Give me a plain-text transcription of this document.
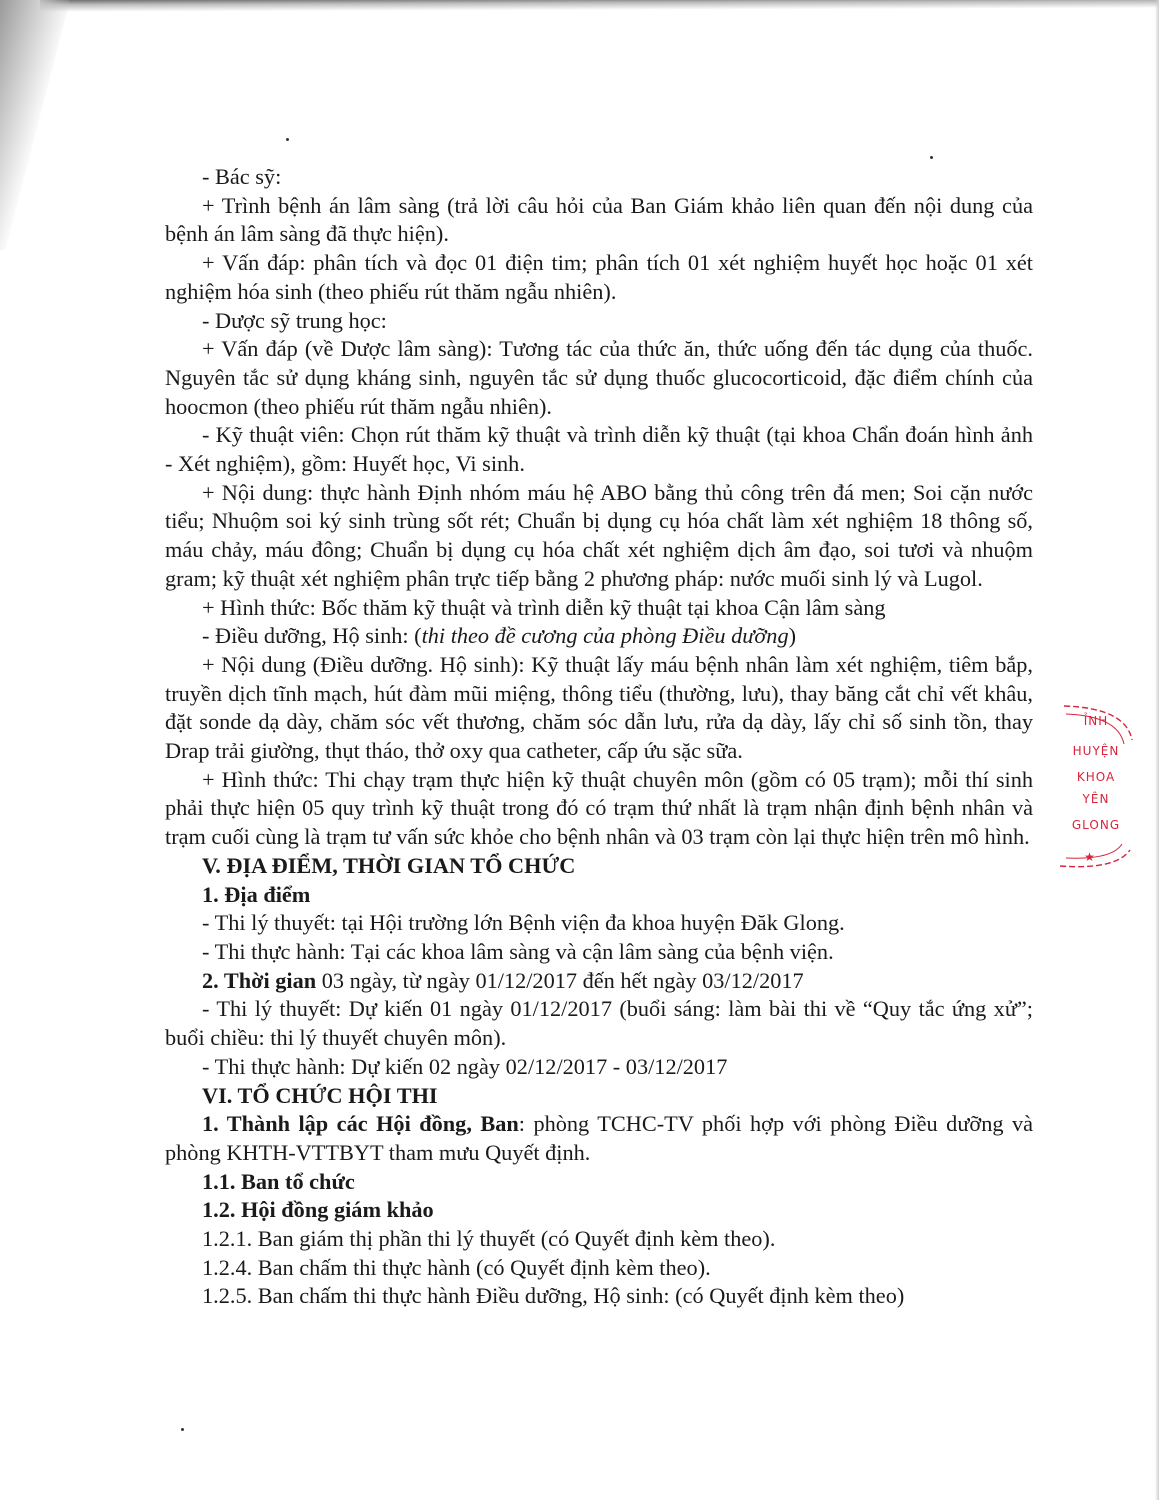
- Bác sỹ:

+ Trình bệnh án lâm sàng (trả lời câu hỏi của Ban Giám khảo liên quan đến nội dung của bệnh án lâm sàng đã thực hiện).

+ Vấn đáp: phân tích và đọc 01 điện tim; phân tích 01 xét nghiệm huyết học hoặc 01 xét nghiệm hóa sinh (theo phiếu rút thăm ngẫu nhiên).

- Dược sỹ trung học:

+ Vấn đáp (về Dược lâm sàng): Tương tác của thức ăn, thức uống đến tác dụng của thuốc. Nguyên tắc sử dụng kháng sinh, nguyên tắc sử dụng thuốc glucocorticoid, đặc điểm chính của hoocmon (theo phiếu rút thăm ngẫu nhiên).

- Kỹ thuật viên: Chọn rút thăm kỹ thuật và trình diễn kỹ thuật (tại khoa Chẩn đoán hình ảnh - Xét nghiệm), gồm: Huyết học, Vi sinh.

+ Nội dung: thực hành Định nhóm máu hệ ABO bằng thủ công trên đá men; Soi cặn nước tiểu; Nhuộm soi ký sinh trùng sốt rét; Chuẩn bị dụng cụ hóa chất làm xét nghiệm 18 thông số, máu chảy, máu đông; Chuẩn bị dụng cụ hóa chất xét nghiệm dịch âm đạo, soi tươi và nhuộm gram; kỹ thuật xét nghiệm phân trực tiếp bằng 2 phương pháp: nước muối sinh lý và Lugol.

+ Hình thức: Bốc thăm kỹ thuật và trình diễn kỹ thuật tại khoa Cận lâm sàng

- Điều dưỡng, Hộ sinh: (thi theo đề cương của phòng Điều dưỡng)

+ Nội dung (Điều dưỡng. Hộ sinh): Kỹ thuật lấy máu bệnh nhân làm xét nghiệm, tiêm bắp, truyền dịch tĩnh mạch, hút đàm mũi miệng, thông tiểu (thường, lưu), thay băng cắt chỉ vết khâu, đặt sonde dạ dày, chăm sóc vết thương, chăm sóc dẫn lưu, rửa dạ dày, lấy chỉ số sinh tồn, thay Drap trải giường, thụt tháo, thở oxy qua catheter, cấp ứu sặc sữa.

+ Hình thức: Thi chạy trạm thực hiện kỹ thuật chuyên môn (gồm có 05 trạm); mỗi thí sinh phải thực hiện 05 quy trình kỹ thuật trong đó có trạm thứ nhất là trạm nhận định bệnh nhân và trạm cuối cùng là trạm tư vấn sức khỏe cho bệnh nhân và 03 trạm còn lại thực hiện trên mô hình.

V. ĐỊA ĐIỂM, THỜI GIAN TỔ CHỨC

1. Địa điểm

- Thi lý thuyết: tại Hội trường lớn Bệnh viện đa khoa huyện Đăk Glong.

- Thi thực hành: Tại các khoa lâm sàng và cận lâm sàng của bệnh viện.

2. Thời gian 03 ngày, từ ngày 01/12/2017 đến hết ngày 03/12/2017

- Thi lý thuyết: Dự kiến 01 ngày 01/12/2017 (buổi sáng: làm bài thi về “Quy tắc ứng xử”; buổi chiều: thi lý thuyết chuyên môn).

- Thi thực hành: Dự kiến 02 ngày 02/12/2017 - 03/12/2017

VI. TỔ CHỨC HỘI THI

1. Thành lập các Hội đồng, Ban: phòng TCHC-TV phối hợp với phòng Điều dưỡng và phòng KHTH-VTTBYT tham mưu Quyết định.

1.1. Ban tổ chức

1.2. Hội đồng giám khảo

1.2.1. Ban giám thị phần thi lý thuyết (có Quyết định kèm theo).

1.2.4. Ban chấm thi thực hành (có Quyết định kèm theo).

1.2.5. Ban chấm thi thực hành Điều dưỡng, Hộ sinh: (có Quyết định kèm theo)

ỈNH
HUYỆN
KHOA
YÊN
GLONG
★
